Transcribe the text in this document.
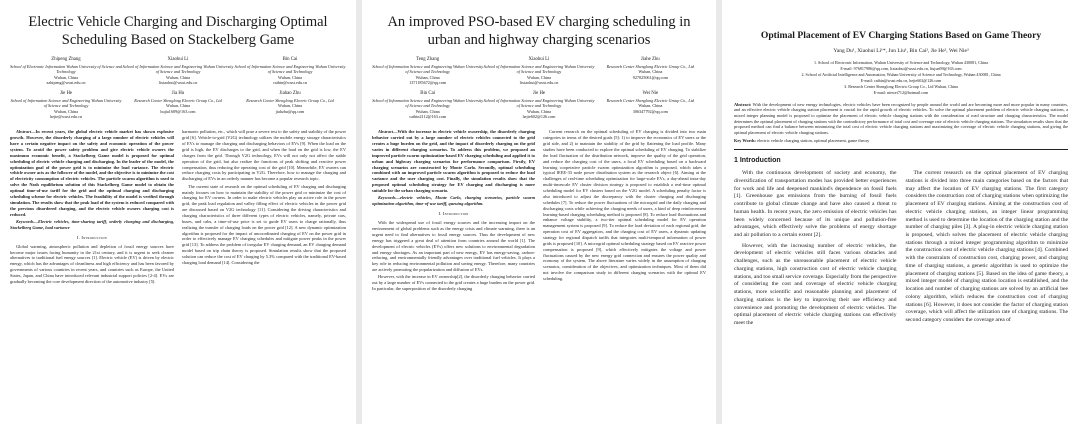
Electric Vehicle Charging and Discharging Optimal Scheduling Based on Stackelberg Game
Zhipeng Zhang
School of Electronic Information Wuhan University of Science and Technology
Wuhan, China
zzhipeng@wust.edu.cn
Xiaohui Li
School of Information Science and Engineering Wuhan University of Science and Technology
Wuhan, China
lixiaohui@wust.edu.cn
Bin Cai
School of Information Science and Engineering Wuhan University of Science and Technology
Wuhan, China
caibin@wust.edu.cn
Jie He
School of Information Science and Engineering Wuhan University of Science and Technology
Wuhan, China
hejie@wust.edu.cn
Jia Hu
Research Center Shenglong Electric Group Co., Ltd
Wuhan, China
hujia1609@163.com
Jiahao Zhu
Research Center Shenglong Electric Group Co., Ltd
Wuhan, China
jiahzhu@qq.com

Abstract—In recent years, the global electric vehicle market has shown explosive growth. However, the disorderly charging of a large number of electric vehicles will have a certain negative impact on the safety and economic operation of the power system. To avoid the power safety problem and give electric vehicle owners the maximum economic benefit, a Stackelberg Game model is proposed for optimal scheduling of electric vehicle charging and discharging. In the leader of the model, the optimization goal of the power grid is to minimize the load variance. The electric vehicle owner acts as the follower of the model, and the objective is to minimize the cost of electricity consumption of electric vehicles. The particle swarm algorithm is used to solve the Nash equilibrium solution of this Stackelberg Game model to obtain the optimal time-of-use tariff for the grid and the optimal charging and discharging scheduling scheme for electric vehicles. The feasibility of the model is verified through simulation. The results show that the peak load of the system is reduced compared with the previous disordered charging, and the electric vehicle owners charging cost is reduced.

Keywords—Electric vehicles, time-sharing tariff, orderly charging and discharging, Stackelberg Game, load variance

I. Introduction

Global warming, atmospheric pollution and depletion of fossil energy sources have become major issues facing humanity in the 21st century, and it is urgent to seek cleaner alternatives to traditional fuel energy sources [1]. Electric vehicle (EV) is driven by electric energy, which has the advantages of cleanliness and high efficiency and has been favored by governments of various countries in recent years, and countries such as Europe, the United States, Japan, and China have introduced relevant industrial support policies [2-4]. EVs are gradually becoming the core development direction of the automotive industry [5].

harmonic pollution, etc., which will pose a severe test to the safety and stability of the power grid [6]. Vehicle-to-grid (V2G) technology utilizes the mobile energy storage characteristics of EVs to manage the charging and discharging behaviors of EVs [9]. When the load on the grid is high, the EV discharges to the grid, and when the load on the grid is low, the EV charges from the grid. Through V2G technology, EVs will not only not affect the stable operation of the grid, but also realize the functions of peak shifting and reactive power compensation, thus reducing the operating cost of the grid [10]. Meanwhile, EV owners can reduce charging costs by participating in V2G. Therefore, how to manage the charging and discharging of EVs in an orderly manner has become a popular research topic.

The current state of research on the optimal scheduling of EV charging and discharging mainly focuses on how to maintain the stability of the power grid or minimize the cost of charging for EV owners. In order to make electric vehicles play an active role in the power grid, the peak load regulation and valley filling effect of electric vehicles in the power grid are discussed based on V2G technology [11]. Considering the driving characteristics and charging characteristics of three different types of electric vehicles, namely, private cars, buses, and cabs, a time-of-use price is set to guide EV users to charge rationally, thus realizing the transfer of charging loads on the power grid [12]. A new dynamic optimization algorithm is proposed for the impact of uncoordinated charging of EV on the power grid in order to effectively manage EV charging schedules and mitigate power peaks in the power grid [13]. To address the problem of irregular EV charging demand, an EV charging demand model based on trip chain theory is proposed. Simulation results show that the proposed solution can reduce the cost of EV charging by 5.3% compared with the traditional EV-based charging load demand [14]. Considering the

An improved PSO-based EV charging scheduling in urban and highway charging scenarios
Teng Zhang
School of Information Science and Engineering Wuhan University of Science and Technology
Wuhan, China
1371185672@qq.com
Xiaohui Li
School of Information Science and Engineering Wuhan University of Science and Technology
Wuhan, China
lixiaohui@wust.edu.cn
Jiahe Zhu
Research Center Shenglong Electric Group Co., Ltd
Wuhan, China
927025061@qq.com
Bin Cai
School of Information Science and Engineering Wuhan University of Science and Technology
Wuhan, China
caibin2112@163.com
Jie He
School of Information Science and Engineering Wuhan University of Science and Technology
Wuhan, China
hejie602@126.com
Wei Nie
Research Center Shenglong Electric Group Co., Ltd
Wuhan, China
306347792@qq.com

Abstract—With the increase in electric vehicle ownership, the disorderly charging behavior carried out by a large number of electric vehicles connected to the grid creates a huge burden on the grid, and the impact of disorderly charging on the grid varies in different charging scenarios. To address this problem, we proposed an improved particle swarm optimization-based EV charging scheduling and applied it to urban and highway charging scenarios for performance comparison. Firstly, EV charging scenarios are constructed by Monte Carlo. Secondly, optimal scheduling combined with an improved particle swarm algorithm is proposed to reduce the load variance and the user charging cost. Finally, the simulation results show that the proposed optimal scheduling strategy for EV charging and discharging is more suitable for the urban charging scenario.

Keywords—electric vehicles, Monte Carlo, charging scenarios, particle swarm optimization algorithm, time-of-use tariff, queuing algorithm.

I. Introduction

With the widespread use of fossil energy sources and the increasing impact on the environment of global problems such as the energy crisis and climate warming, there is an urgent need to find alternatives to fossil energy sources. Thus the development of new energy has triggered a great deal of attention from countries around the world [1]. The development of electric vehicles (EVs) offers new solutions to environmental degradation and energy shortages. As an important part of new energy, EV has energy-saving, carbon-reducing, and environmentally friendly advantages over traditional fuel vehicles. It plays a key role in reducing environmental pollution and saving energy. Therefore, many countries are actively promoting the popularization and diffusion of EVs.

However, with the increase in EV ownership[2], the disorderly charging behavior carried out by a large number of EVs connected to the grid creates a huge burden on the power grid. In particular, the superposition of the disorderly charging

Current research on the optimal scheduling of EV charging is divided into two main categories in terms of the desired goals [5]: 1) to improve the economics of EV users or the grid side, and 2) to maintain the stability of the grid by flattening the load profile. Many studies have been conducted to explore the optimal scheduling of EV charging. To stabilize the load fluctuation of the distribution network, improve the quality of the grid operation, and reduce the charging cost of the users, a local EV scheduling based on a backward learning cooperative particle swarm optimization algorithm is proposed, which takes a typical IEEE-33 node power distribution system as the research object [6]. Aiming at the challenges of real-time scheduling optimization for large-scale EVs, a day-ahead intra-day multi-timescale EV cluster division strategy is proposed to establish a real-time optimal scheduling model for EV clusters based on the V2G model. A scheduling penalty factor is also introduced to adjust the discrepancy with the cluster charging and discharging schedules [7]. To reduce the power fluctuations of the microgrid and the daily charging and discharging costs while achieving the charging needs of users, a kind of deep reinforcement learning-based charging scheduling method is proposed [8]. To reduce load fluctuations and enhance voltage stability, a two-tier optimal scheduling model for EV operation management system is proposed [9]. To reduce the load deviation of each regional grid, the operation cost of EV aggregators, and the charging cost of EV users, a dynamic updating strategy for regional dispatch tariffs that integrates multi-temporal information of power grids is proposed [10]. A microgrid optimal scheduling strategy based on EV reactive power compensation is proposed [9], which effectively mitigates the voltage and power fluctuations caused by the new energy grid connection and ensures the power quality and economy of the system. The above literature varies widely in the assumption of charging scenarios, consideration of the objectives, and optimization techniques. Most of them did not involve the comparison study in different charging scenarios with the optimal EV scheduling.

Optimal Placement of EV Charging Stations Based on Game Theory
Yang Du¹, Xiaohui Li¹*, Jun Liu¹, Bin Cai², Jie He², Wei Nie³
1. School of Electronic Information, Wuhan University of Science and Technology, Wuhan 430081, China
E-mail: 976817986@qq.com, lixiaohui@wust.edu.cn, liujun99@163.com
2. School of Artificial Intelligence and Automation, Wuhan University of Science and Technology, Wuhan 430081, China
E-mail: caibin@wust.edu.cn, hejie602@126.com
3. Research Center Shenglong Electric Group Co., Ltd Wuhan, China
E-mail: niewei712@hotmail.com
Abstract: With the development of new energy technologies, electric vehicles have been recognized by people around the world and are becoming more and more popular in many countries, and an effective electric vehicle charging station placement is crucial for the rapid growth of electric vehicles. To solve the optimal placement problem of electric vehicle charging stations, a mixed integer planning model is proposed to optimize the placement of electric vehicle charging stations with the consideration of road structure and charging characteristics. The model determines the optimal placement of charging stations with the contradictory performance of total cost and coverage rate of electric vehicle charging stations. The simulation results show that the proposed method can find a balance between minimizing the total cost of electric vehicle charging stations and maximizing the coverage of electric vehicle charging stations, and giving the optimal placement of electric vehicle charging stations.
Key Words: electric vehicle charging station, optimal placement, game theory
1 Introduction

With the continuous development of society and economy, the diversification of transportation modes has provided better experiences for work and life and deepened mankind's dependence on fossil fuels [1]. Greenhouse gas emissions from the burning of fossil fuels contribute to global climate change and have also caused a threat to human health. In recent years, the zero emission of electric vehicles has been widely concerned because of its unique and pollution-free advantages, which effectively solve the problems of energy shortage and air pollution to a certain extent [2].

However, with the increasing number of electric vehicles, the development of electric vehicles still faces various obstacles and challenges, such as the unreasonable placement of electric vehicle charging stations, high construction cost of electric vehicle charging stations, and too small service coverage. Especially from the perspective of considering the cost and coverage of electric vehicle charging stations, more scientific and reasonable planning and placement of charging stations is the key to improving their use efficiency and convenience and promoting the development of electric vehicles. The optimal placement of electric vehicle charging stations can effectively meet the

The current research on the optimal placement of EV charging stations is divided into three main categories based on the factors that may affect the location of EV charging stations. The first category considers the construction cost of charging stations when optimizing the placement of EV charging stations. Aiming at the construction cost of electric vehicle charging stations, an integer linear programming method is used to determine the location of the charging station and the number of charging piles [3]. A plug-in electric vehicle charging station is proposed, which solves the placement of electric vehicle charging stations through a mixed integer programming algorithm to minimize the construction cost of electric vehicle charging stations [4]. Combined with the constraints of construction cost, charging power, and charging time of charging stations, a genetic algorithm is used to optimize the placement of charging stations [5]. Based on the idea of game theory, a mixed integer model of charging station location is established, and the location and number of charging stations are solved by an artificial bee colony algorithm, which reduces the construction cost of charging stations [6]. However, it does not consider the factor of charging station coverage, which will affect the utilization rate of charging stations. The second category considers the coverage area of
